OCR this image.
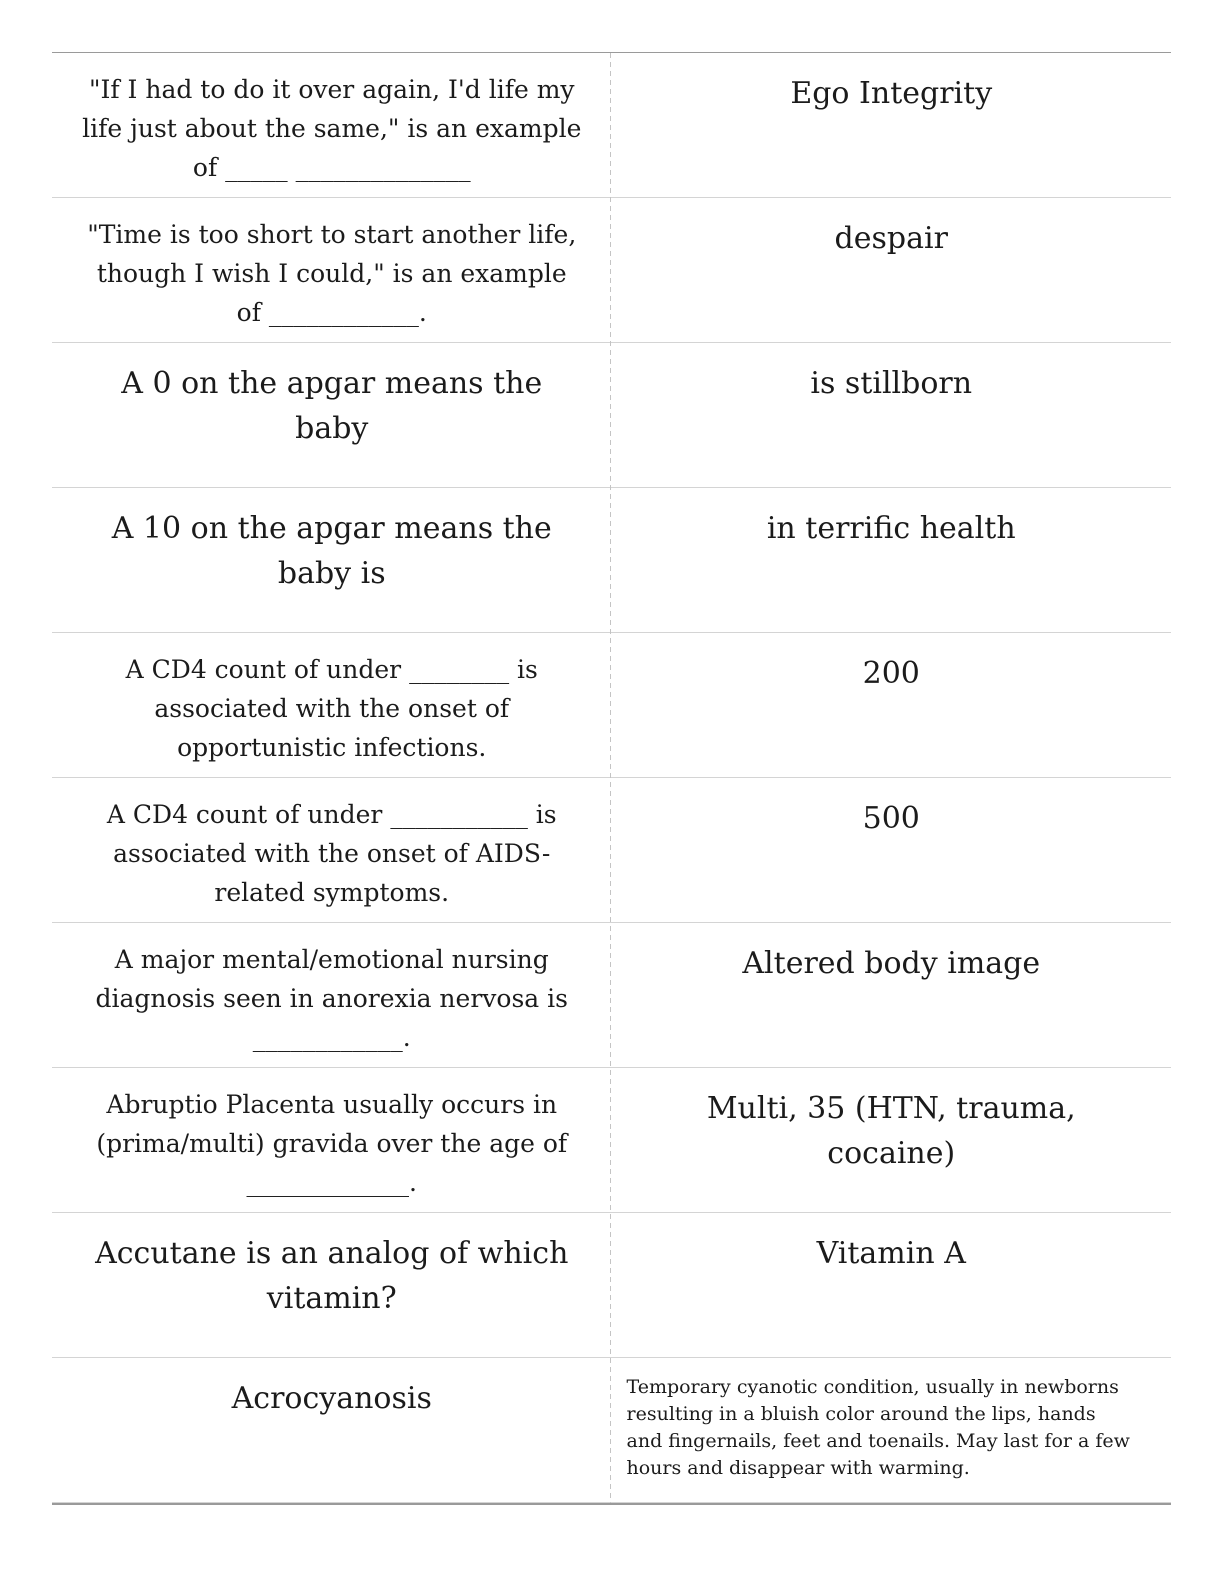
"If I had to do it over again, I'd life my life just about the same," is an example of _____ ______________
Ego Integrity
"Time is too short to start another life, though I wish I could," is an example of ____________.
despair
A 0 on the apgar means the baby
is stillborn
A 10 on the apgar means the baby is
in terrific health
A CD4 count of under ________ is associated with the onset of opportunistic infections.
200
A CD4 count of under ___________ is associated with the onset of AIDS-related symptoms.
500
A major mental/emotional nursing diagnosis seen in anorexia nervosa is ____________.
Altered body image
Abruptio Placenta usually occurs in (prima/multi) gravida over the age of _____________.
Multi, 35 (HTN, trauma, cocaine)
Accutane is an analog of which vitamin?
Vitamin A
Acrocyanosis	Temporary cyanotic condition, usually in newborns resulting in a bluish color around the lips, hands and fingernails, feet and toenails. May last for a few hours and disappear with warming.
